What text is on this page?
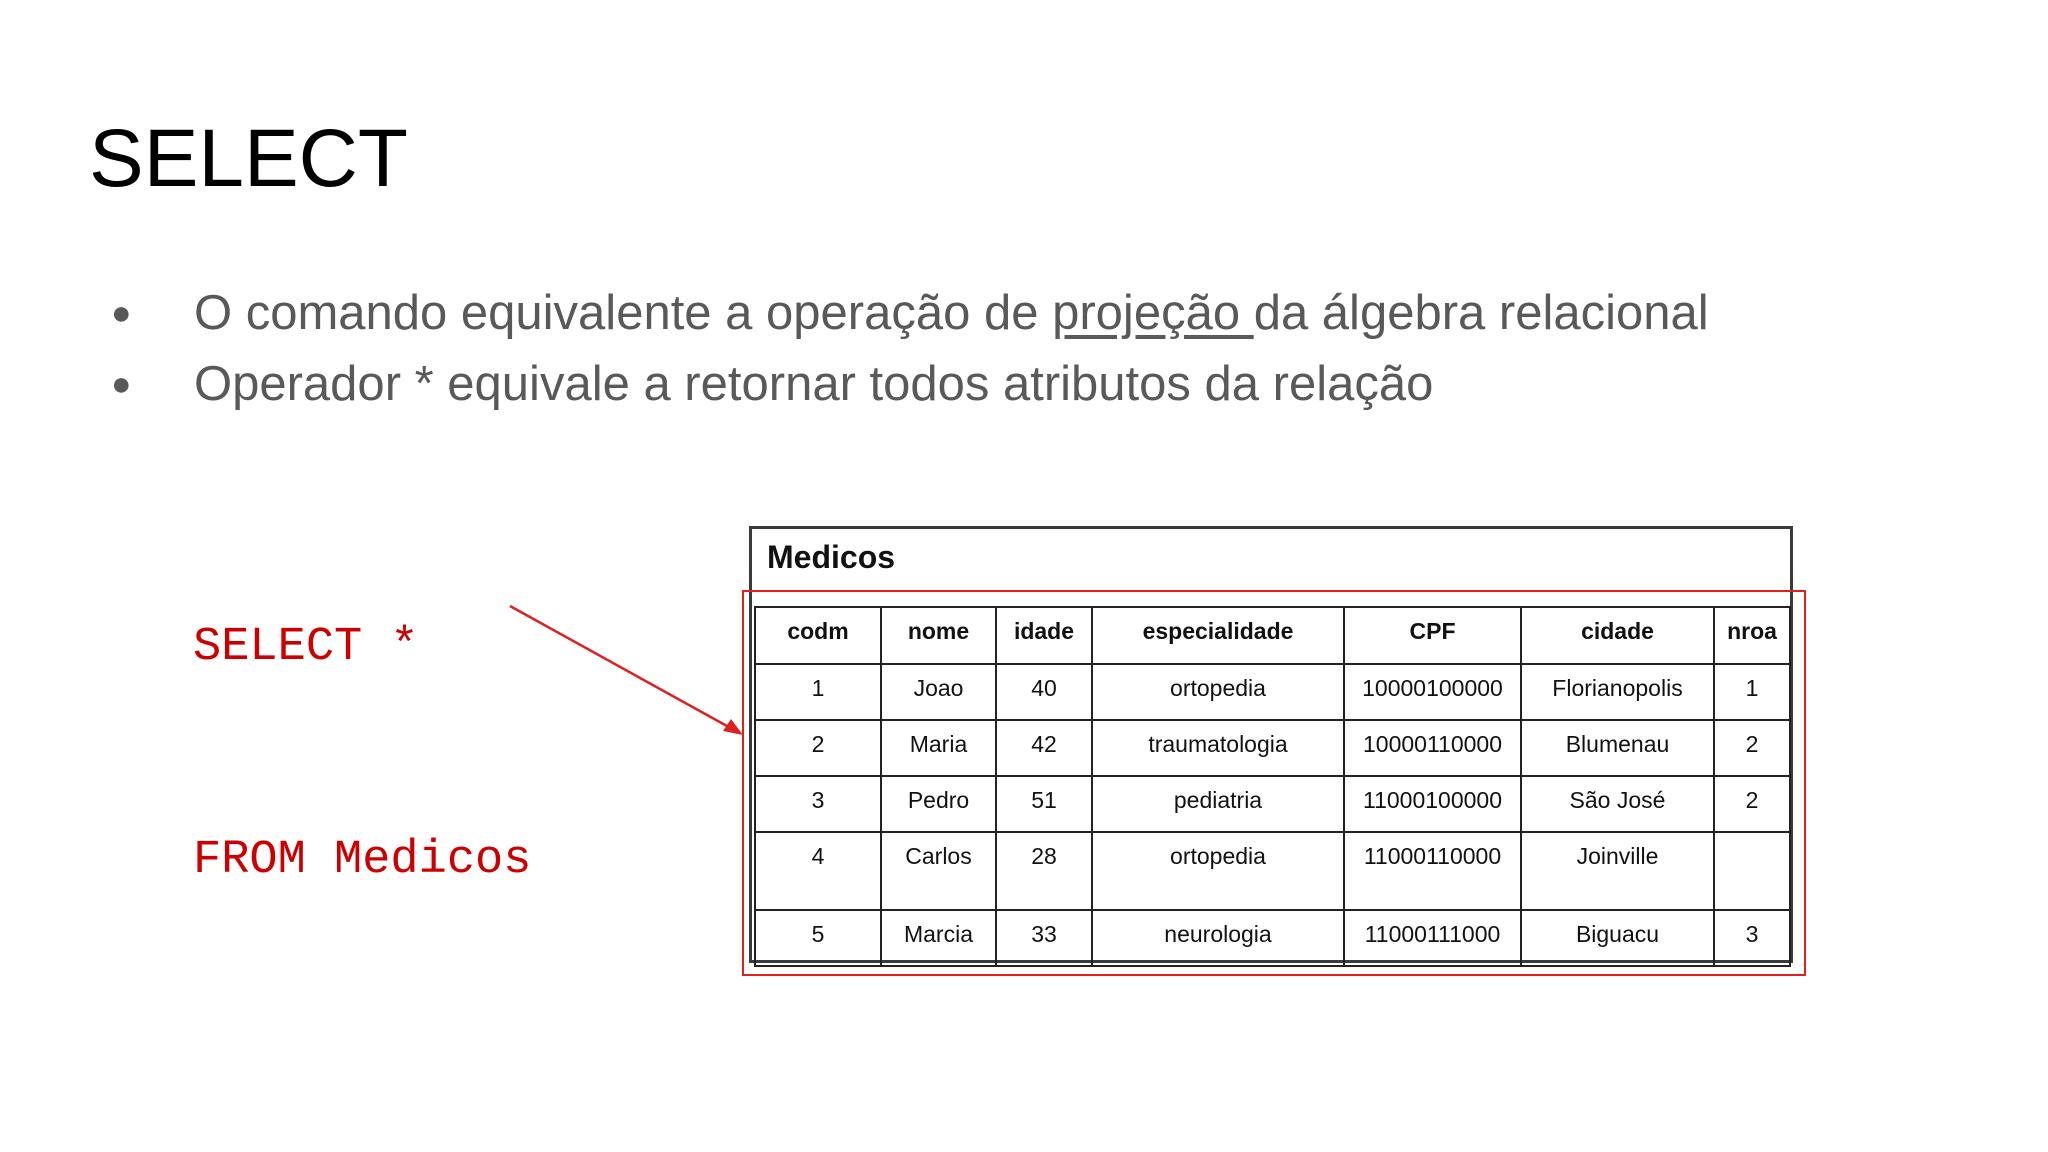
SELECT
● O comando equivalente a operação de projeção da álgebra relacional
● Operador * equivale a retornar todos atributos da relação

SELECT *

FROM Medicos

Medicos
codm	nome	idade	especialidade	CPF	cidade	nroa
1	Joao	40	ortopedia	10000100000	Florianopolis	1
2	Maria	42	traumatologia	10000110000	Blumenau	2
3	Pedro	51	pediatria	11000100000	São José	2
4	Carlos	28	ortopedia	11000110000	Joinville	
5	Marcia	33	neurologia	11000111000	Biguacu	3
